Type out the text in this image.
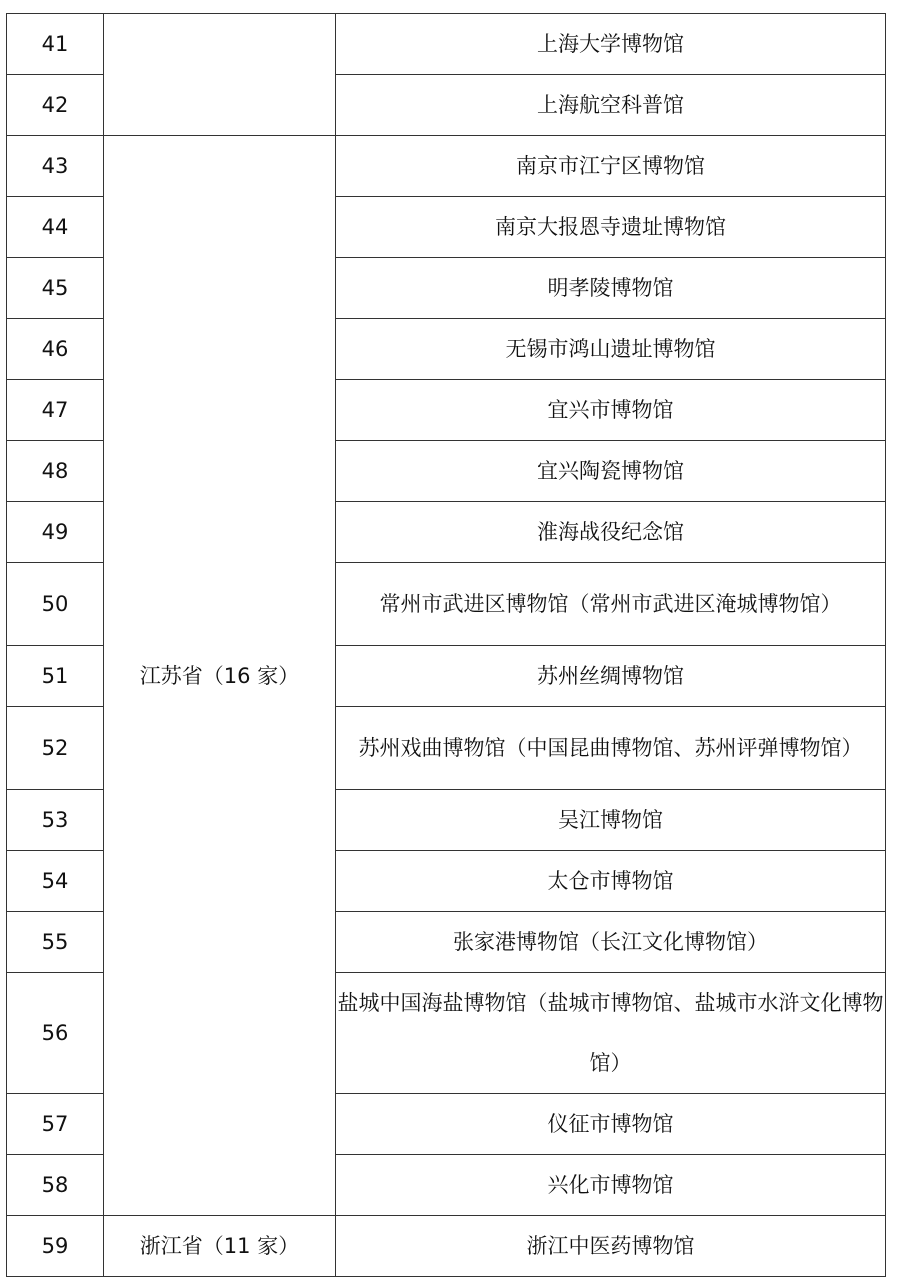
41		上海大学博物馆
42		上海航空科普馆
43	江苏省（16 家）	南京市江宁区博物馆
44		南京大报恩寺遗址博物馆
45		明孝陵博物馆
46		无锡市鸿山遗址博物馆
47		宜兴市博物馆
48		宜兴陶瓷博物馆
49		淮海战役纪念馆
50		常州市武进区博物馆（常州市武进区淹城博物馆）
51		苏州丝绸博物馆
52		苏州戏曲博物馆（中国昆曲博物馆、苏州评弹博物馆）
53		吴江博物馆
54		太仓市博物馆
55		张家港博物馆（长江文化博物馆）
56		盐城中国海盐博物馆（盐城市博物馆、盐城市水浒文化博物馆）
57		仪征市博物馆
58		兴化市博物馆
59	浙江省（11 家）	浙江中医药博物馆
